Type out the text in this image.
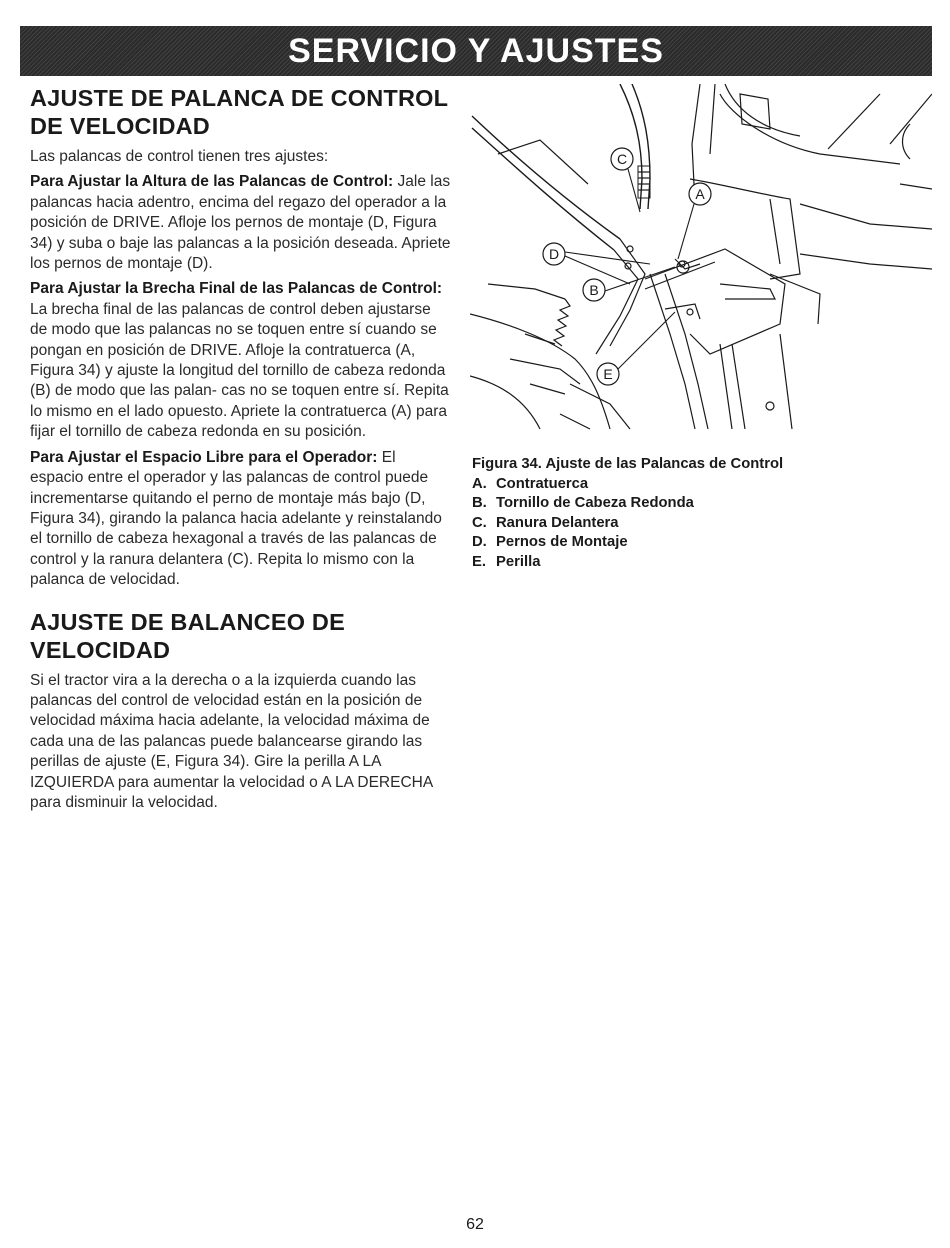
SERVICIO Y AJUSTES
AJUSTE DE PALANCA DE CONTROL
DE VELOCIDAD

Las palancas de control tienen tres ajustes:

Para Ajustar la Altura de las Palancas de Control: Jale las palancas hacia adentro, encima del regazo del operador a la posición de DRIVE. Afloje los pernos de montaje (D, Figura 34) y suba o baje las palancas a la posición deseada. Apriete los pernos de montaje (D).

Para Ajustar la Brecha Final de las Palancas de Control: La brecha final de las palancas de control deben ajustarse de modo que las palancas no se toquen entre sí cuando se pongan en posición de DRIVE. Afloje la contratuerca (A, Figura 34) y ajuste la longitud del tornillo de cabeza redonda (B) de modo que las palan- cas no se toquen entre sí. Repita lo mismo en el lado opuesto. Apriete la contratuerca (A) para fijar el tornillo de cabeza redonda en su posición.

Para Ajustar el Espacio Libre para el Operador: El espacio entre el operador y las palancas de control puede incrementarse quitando el perno de montaje más bajo (D, Figura 34), girando la palanca hacia adelante y reinstalando el tornillo de cabeza hexagonal a través de las palancas de control y la ranura delantera (C). Repita lo mismo con la palanca de velocidad.

AJUSTE DE BALANCEO DE VELOCIDAD

Si el tractor vira a la derecha o a la izquierda cuando las palancas del control de velocidad están en la posición de velocidad máxima hacia adelante, la velocidad máxima de cada una de las palancas puede balancearse girando las perillas de ajuste (E, Figura 34). Gire la perilla A LA IZQUIERDA para aumentar la velocidad o A LA DERECHA para disminuir la velocidad.

C
A
D
B
E
Figura 34. Ajuste de las Palancas de Control
A. Contratuerca
B. Tornillo de Cabeza Redonda
C. Ranura Delantera
D. Pernos de Montaje
E. Perilla
62
